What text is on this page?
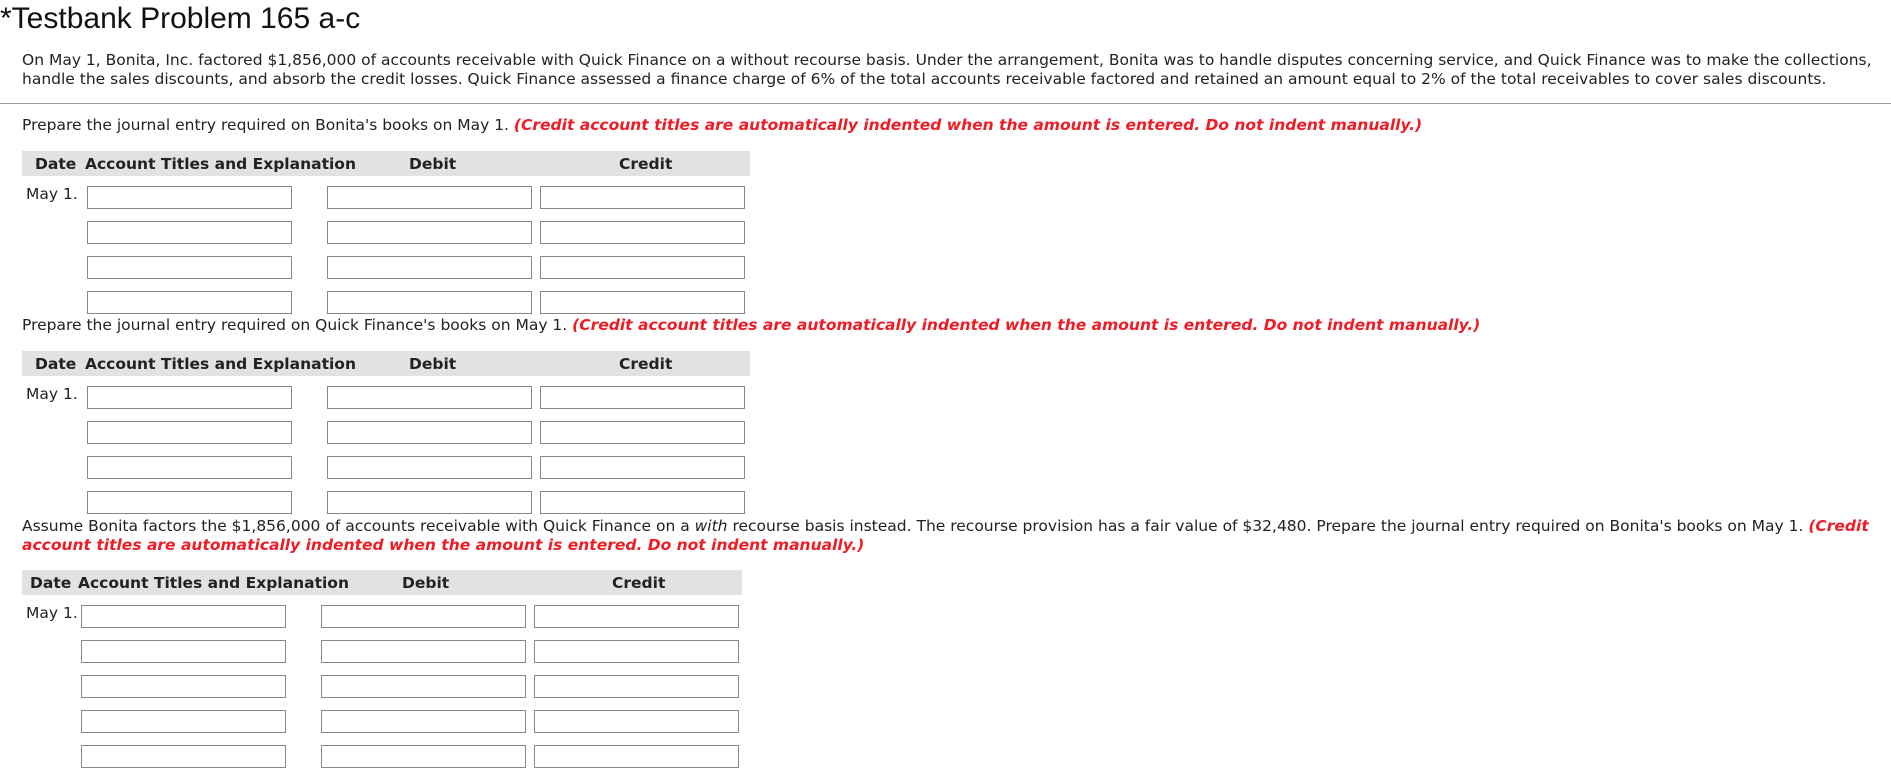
*Testbank Problem 165 a-c

On May 1, Bonita, Inc. factored $1,856,000 of accounts receivable with Quick Finance on a without recourse basis. Under the arrangement, Bonita was to handle disputes concerning service, and Quick Finance was to make the collections, handle the sales discounts, and absorb the credit losses. Quick Finance assessed a finance charge of 6% of the total accounts receivable factored and retained an amount equal to 2% of the total receivables to cover sales discounts.

Prepare the journal entry required on Bonita's books on May 1. (Credit account titles are automatically indented when the amount is entered. Do not indent manually.)

Date Account Titles and Explanation	Debit	Credit
May 1.

Prepare the journal entry required on Quick Finance's books on May 1. (Credit account titles are automatically indented when the amount is entered. Do not indent manually.)

Date Account Titles and Explanation	Debit	Credit
May 1.

Assume Bonita factors the $1,856,000 of accounts receivable with Quick Finance on a with recourse basis instead. The recourse provision has a fair value of $32,480. Prepare the journal entry required on Bonita's books on May 1. (Credit account titles are automatically indented when the amount is entered. Do not indent manually.)

Date Account Titles and Explanation	Debit	Credit
May 1.
